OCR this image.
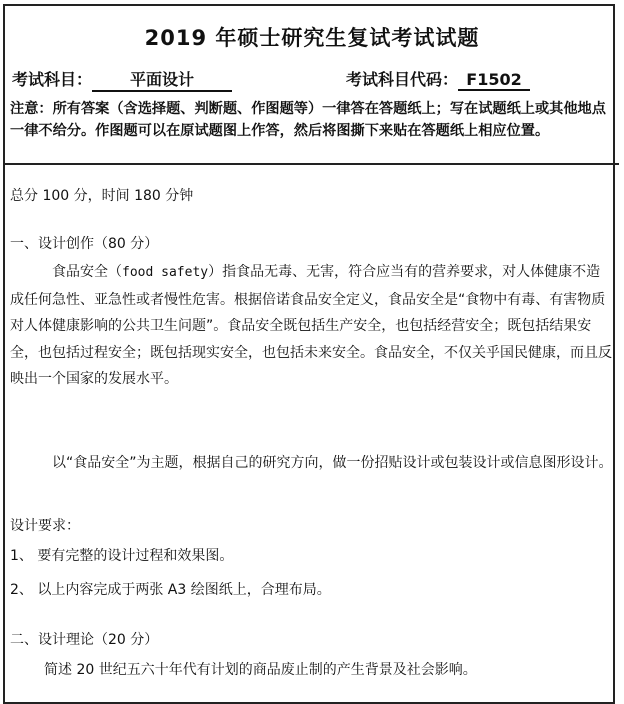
2019 年硕士研究生复试考试试题
考试科目： 平面设计	考试科目代码： F1502
注意：所有答案（含选择题、判断题、作图题等）一律答在答题纸上；写在试题纸上或其他地点一律不给分。作图题可以在原试题图上作答，然后将图撕下来贴在答题纸上相应位置。
总分 100 分，时间 180 分钟
一、设计创作（80 分）
食品安全（food safety）指食品无毒、无害，符合应当有的营养要求，对人体健康不造成任何急性、亚急性或者慢性危害。根据倍诺食品安全定义，食品安全是“食物中有毒、有害物质对人体健康影响的公共卫生问题”。食品安全既包括生产安全，也包括经营安全；既包括结果安全，也包括过程安全；既包括现实安全，也包括未来安全。食品安全，不仅关乎国民健康，而且反映出一个国家的发展水平。
以“食品安全”为主题，根据自己的研究方向，做一份招贴设计或包装设计或信息图形设计。
设计要求：
1、 要有完整的设计过程和效果图。
2、 以上内容完成于两张 A3 绘图纸上，合理布局。
二、设计理论（20 分）
简述 20 世纪五六十年代有计划的商品废止制的产生背景及社会影响。
